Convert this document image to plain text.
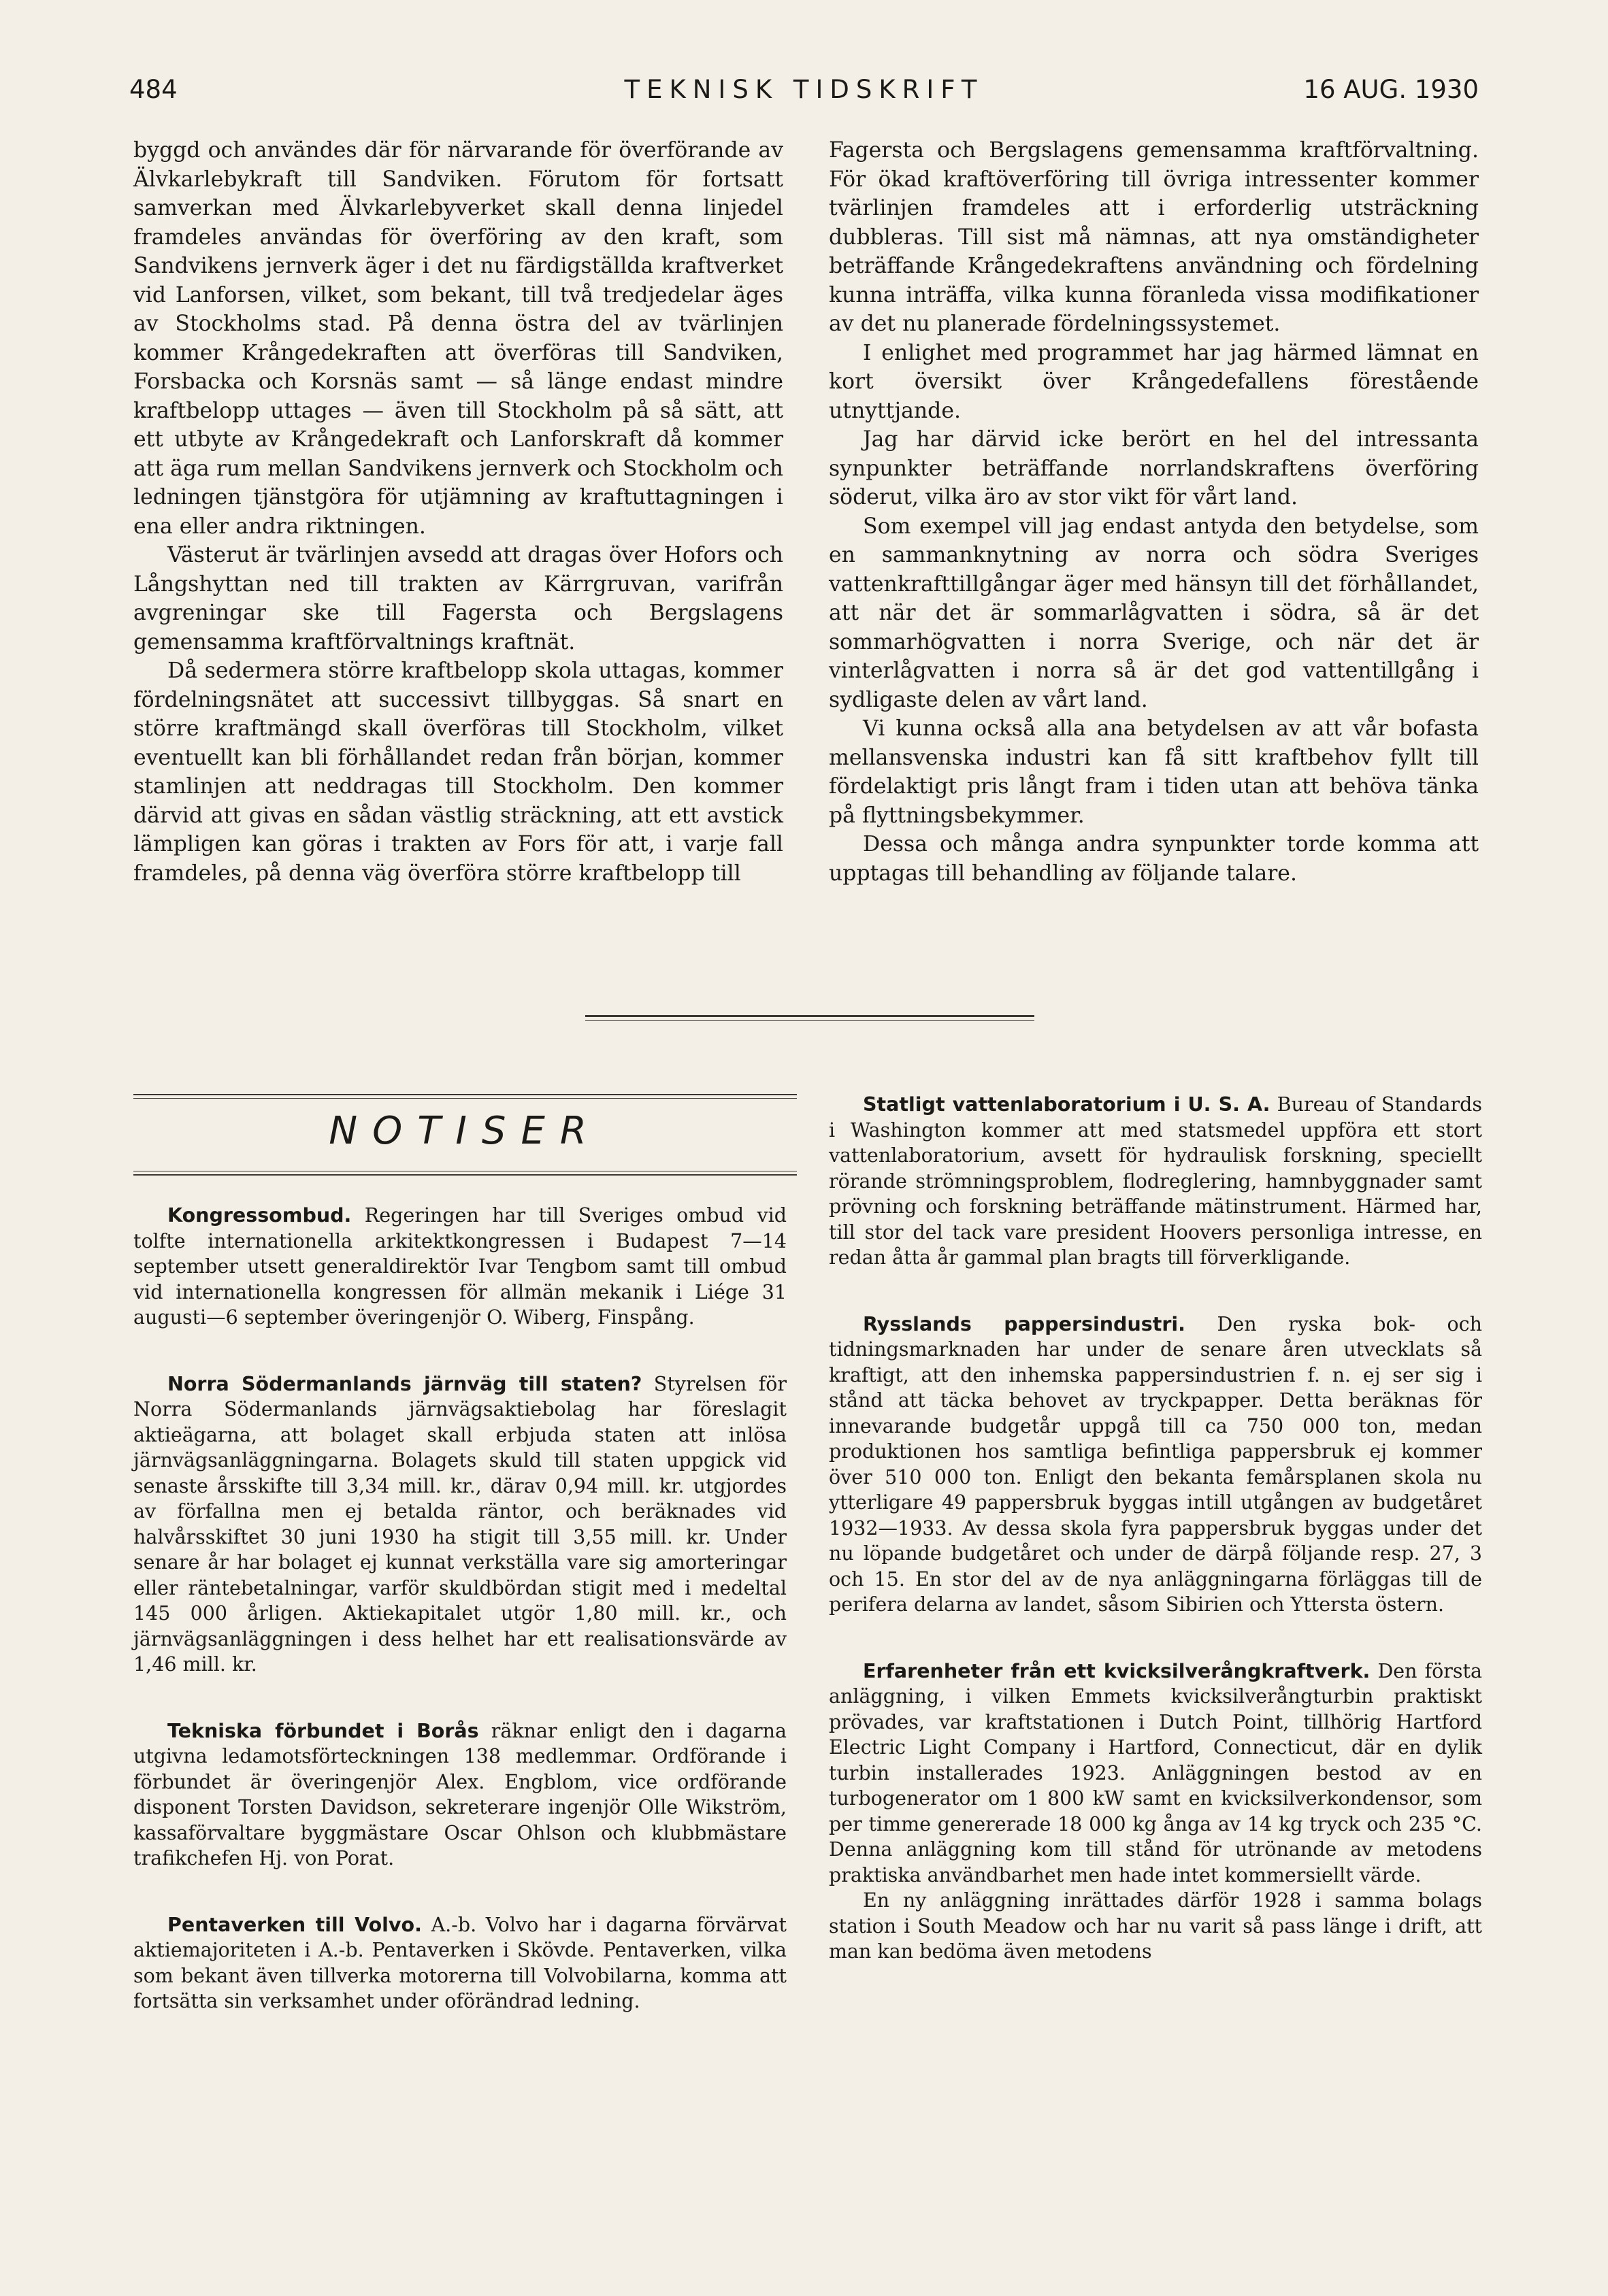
TEKNISK TIDSKRIFT
484	16 AUG. 1930

byggd och användes där för närvarande för överförande av Älvkarlebykraft till Sandviken. Förutom för fortsatt samverkan med Älvkarlebyverket skall denna linjedel framdeles användas för överföring av den kraft, som Sandvikens jernverk äger i det nu färdigställda kraftverket vid Lanforsen, vilket, som bekant, till två tredjedelar äges av Stockholms stad. På denna östra del av tvärlinjen kommer Krångedekraften att överföras till Sandviken, Forsbacka och Korsnäs samt — så länge endast mindre kraftbelopp uttages — även till Stockholm på så sätt, att ett utbyte av Krångedekraft och Lanforskraft då kommer att äga rum mellan Sandvikens jernverk och Stockholm och ledningen tjänstgöra för utjämning av kraftuttagningen i ena eller andra riktningen.

Västerut är tvärlinjen avsedd att dragas över Hofors och Långshyttan ned till trakten av Kärrgruvan, varifrån avgreningar ske till Fagersta och Bergslagens gemensamma kraftförvaltnings kraftnät.

Då sedermera större kraftbelopp skola uttagas, kommer fördelningsnätet att successivt tillbyggas. Så snart en större kraftmängd skall överföras till Stockholm, vilket eventuellt kan bli förhållandet redan från början, kommer stamlinjen att neddragas till Stockholm. Den kommer därvid att givas en sådan västlig sträckning, att ett avstick lämpligen kan göras i trakten av Fors för att, i varje fall framdeles, på denna väg överföra större kraftbelopp till

Fagersta och Bergslagens gemensamma kraftförvaltning. För ökad kraftöverföring till övriga intressenter kommer tvärlinjen framdeles att i erforderlig utsträckning dubbleras. Till sist må nämnas, att nya omständigheter beträffande Krångedekraftens användning och fördelning kunna inträffa, vilka kunna föranleda vissa modifikationer av det nu planerade fördelningssystemet.

I enlighet med programmet har jag härmed lämnat en kort översikt över Krångedefallens förestående utnyttjande.

Jag har därvid icke berört en hel del intressanta synpunkter beträffande norrlandskraftens överföring söderut, vilka äro av stor vikt för vårt land.

Som exempel vill jag endast antyda den betydelse, som en sammanknytning av norra och södra Sveriges vattenkrafttillgångar äger med hänsyn till det förhållandet, att när det är sommarlågvatten i södra, så är det sommarhögvatten i norra Sverige, och när det är vinterlågvatten i norra så är det god vattentillgång i sydligaste delen av vårt land.

Vi kunna också alla ana betydelsen av att vår bofasta mellansvenska industri kan få sitt kraftbehov fyllt till fördelaktigt pris långt fram i tiden utan att behöva tänka på flyttningsbekymmer.

Dessa och många andra synpunkter torde komma att upptagas till behandling av följande talare.

NOTISER

Kongressombud. Regeringen har till Sveriges ombud vid tolfte internationella arkitektkongressen i Budapest 7—14 september utsett generaldirektör Ivar Tengbom samt till ombud vid internationella kongressen för allmän mekanik i Liége 31 augusti—6 september överingenjör O. Wiberg, Finspång.

Norra Södermanlands järnväg till staten? Styrelsen för Norra Södermanlands järnvägsaktiebolag har föreslagit aktieägarna, att bolaget skall erbjuda staten att inlösa järnvägsanläggningarna. Bolagets skuld till staten uppgick vid senaste årsskifte till 3,34 mill. kr., därav 0,94 mill. kr. utgjordes av förfallna men ej betalda räntor, och beräknades vid halvårsskiftet 30 juni 1930 ha stigit till 3,55 mill. kr. Under senare år har bolaget ej kunnat verkställa vare sig amorteringar eller räntebetalningar, varför skuldbördan stigit med i medeltal 145 000 årligen. Aktiekapitalet utgör 1,80 mill. kr., och järnvägsanläggningen i dess helhet har ett realisationsvärde av 1,46 mill. kr.

Tekniska förbundet i Borås räknar enligt den i dagarna utgivna ledamotsförteckningen 138 medlemmar. Ordförande i förbundet är överingenjör Alex. Engblom, vice ordförande disponent Torsten Davidson, sekreterare ingenjör Olle Wikström, kassaförvaltare byggmästare Oscar Ohlson och klubbmästare trafikchefen Hj. von Porat.

Pentaverken till Volvo. A.-b. Volvo har i dagarna förvärvat aktiemajoriteten i A.-b. Pentaverken i Skövde. Pentaverken, vilka som bekant även tillverka motorerna till Volvobilarna, komma att fortsätta sin verksamhet under oförändrad ledning.

Statligt vattenlaboratorium i U. S. A. Bureau of Standards i Washington kommer att med statsmedel uppföra ett stort vattenlaboratorium, avsett för hydraulisk forskning, speciellt rörande strömningsproblem, flodreglering, hamnbyggnader samt prövning och forskning beträffande mätinstrument. Härmed har, till stor del tack vare president Hoovers personliga intresse, en redan åtta år gammal plan bragts till förverkligande.

Rysslands pappersindustri. Den ryska bok- och tidningsmarknaden har under de senare åren utvecklats så kraftigt, att den inhemska pappersindustrien f. n. ej ser sig i stånd att täcka behovet av tryckpapper. Detta beräknas för innevarande budgetår uppgå till ca 750 000 ton, medan produktionen hos samtliga befintliga pappersbruk ej kommer över 510 000 ton. Enligt den bekanta femårsplanen skola nu ytterligare 49 pappersbruk byggas intill utgången av budgetåret 1932—1933. Av dessa skola fyra pappersbruk byggas under det nu löpande budgetåret och under de därpå följande resp. 27, 3 och 15. En stor del av de nya anläggningarna förläggas till de perifera delarna av landet, såsom Sibirien och Yttersta östern.

Erfarenheter från ett kvicksilverångkraftverk. Den första anläggning, i vilken Emmets kvicksilverångturbin praktiskt prövades, var kraftstationen i Dutch Point, tillhörig Hartford Electric Light Company i Hartford, Connecticut, där en dylik turbin installerades 1923. Anläggningen bestod av en turbogenerator om 1 800 kW samt en kvicksilverkondensor, som per timme genererade 18 000 kg ånga av 14 kg tryck och 235 °C. Denna anläggning kom till stånd för utrönande av metodens praktiska användbarhet men hade intet kommersiellt värde.

En ny anläggning inrättades därför 1928 i samma bolags station i South Meadow och har nu varit så pass länge i drift, att man kan bedöma även metodens
